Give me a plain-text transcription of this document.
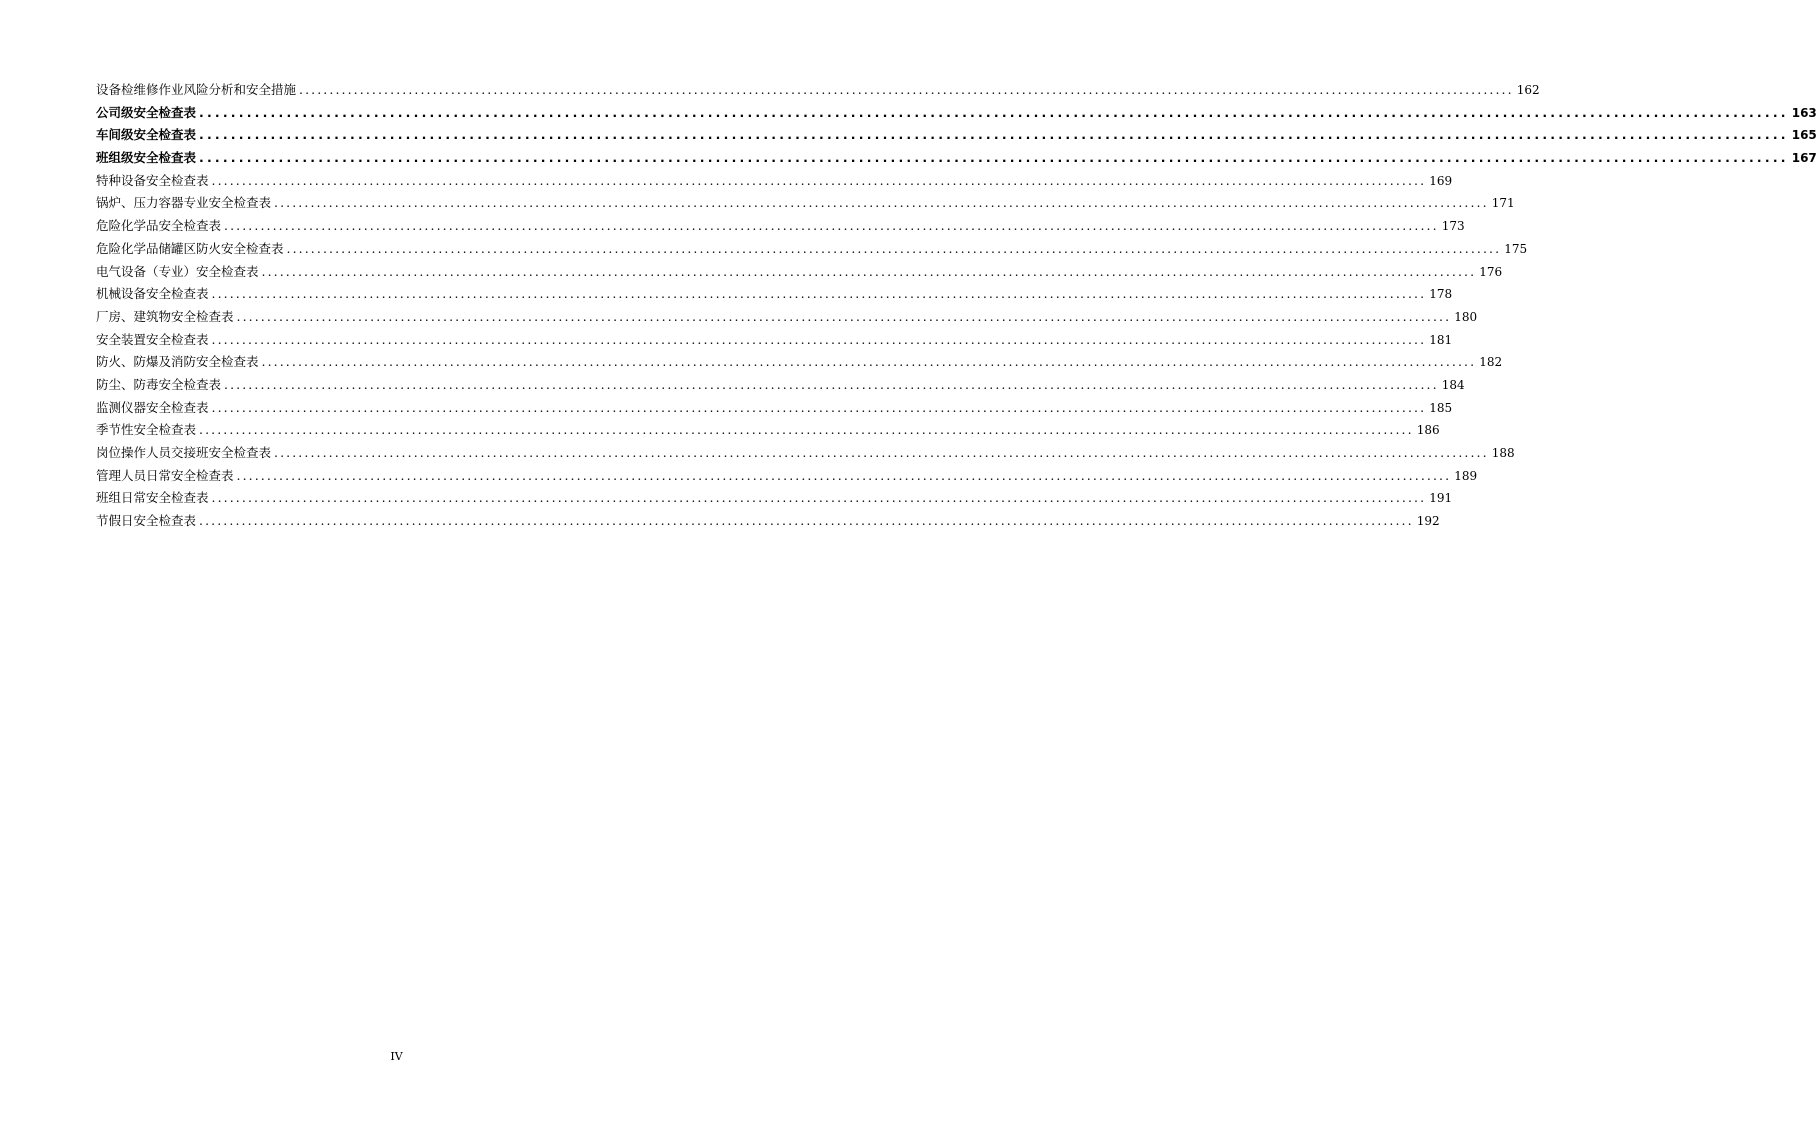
设备检维修作业风险分析和安全措施 ........................................................................................................................................................................................................ 162
公司级安全检查表 ........................................................................................................................................................................................................ 163
车间级安全检查表 ........................................................................................................................................................................................................ 165
班组级安全检查表 ........................................................................................................................................................................................................ 167
特种设备安全检查表 ........................................................................................................................................................................................................ 169
锅炉、压力容器专业安全检查表 ........................................................................................................................................................................................................ 171
危险化学品安全检查表 ........................................................................................................................................................................................................ 173
危险化学品储罐区防火安全检查表 ........................................................................................................................................................................................................ 175
电气设备（专业）安全检查表 ........................................................................................................................................................................................................ 176
机械设备安全检查表 ........................................................................................................................................................................................................ 178
厂房、建筑物安全检查表 ........................................................................................................................................................................................................ 180
安全装置安全检查表 ........................................................................................................................................................................................................ 181
防火、防爆及消防安全检查表 ........................................................................................................................................................................................................ 182
防尘、防毒安全检查表 ........................................................................................................................................................................................................ 184
监测仪器安全检查表 ........................................................................................................................................................................................................ 185
季节性安全检查表 ........................................................................................................................................................................................................ 186
岗位操作人员交接班安全检查表 ........................................................................................................................................................................................................ 188
管理人员日常安全检查表 ........................................................................................................................................................................................................ 189
班组日常安全检查表 ........................................................................................................................................................................................................ 191
节假日安全检查表 ........................................................................................................................................................................................................ 192
IV
